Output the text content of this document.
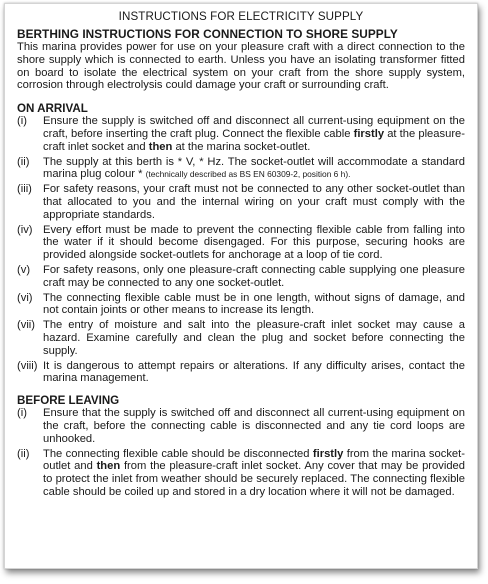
INSTRUCTIONS FOR ELECTRICITY SUPPLY
BERTHING INSTRUCTIONS FOR CONNECTION TO SHORE SUPPLY

This marina provides power for use on your pleasure craft with a direct connection to the shore supply which is connected to earth. Unless you have an isolating transformer fitted on board to isolate the electrical system on your craft from the shore supply system, corrosion through electrolysis could damage your craft or surrounding craft.

ON ARRIVAL
(i)	Ensure the supply is switched off and disconnect all current-using equipment on the craft, before inserting the craft plug. Connect the flexible cable firstly at the pleasure-craft inlet socket and then at the marina socket-outlet.
(ii)	The supply at this berth is * V, * Hz. The socket-outlet will accommodate a standard marina plug colour * (technically described as BS EN 60309-2, position 6 h).
(iii) For safety reasons, your craft must not be connected to any other socket-outlet than that allocated to you and the internal wiring on your craft must comply with the appropriate standards.
(iv) Every effort must be made to prevent the connecting flexible cable from falling into the water if it should become disengaged. For this purpose, securing hooks are provided alongside socket-outlets for anchorage at a loop of tie cord.
(v)	For safety reasons, only one pleasure-craft connecting cable supplying one pleasure craft may be connected to any one socket-outlet.
(vi) The connecting flexible cable must be in one length, without signs of damage, and not contain joints or other means to increase its length.
(vii) The entry of moisture and salt into the pleasure-craft inlet socket may cause a hazard. Examine carefully and clean the plug and socket before connecting the supply.
(viii) It is dangerous to attempt repairs or alterations. If any difficulty arises, contact the marina management.
BEFORE LEAVING
(i)	Ensure that the supply is switched off and disconnect all current-using equipment on the craft, before the connecting cable is disconnected and any tie cord loops are unhooked.
(ii)	The connecting flexible cable should be disconnected firstly from the marina socket-outlet and then from the pleasure-craft inlet socket. Any cover that may be provided to protect the inlet from weather should be securely replaced. The connecting flexible cable should be coiled up and stored in a dry location where it will not be damaged.
